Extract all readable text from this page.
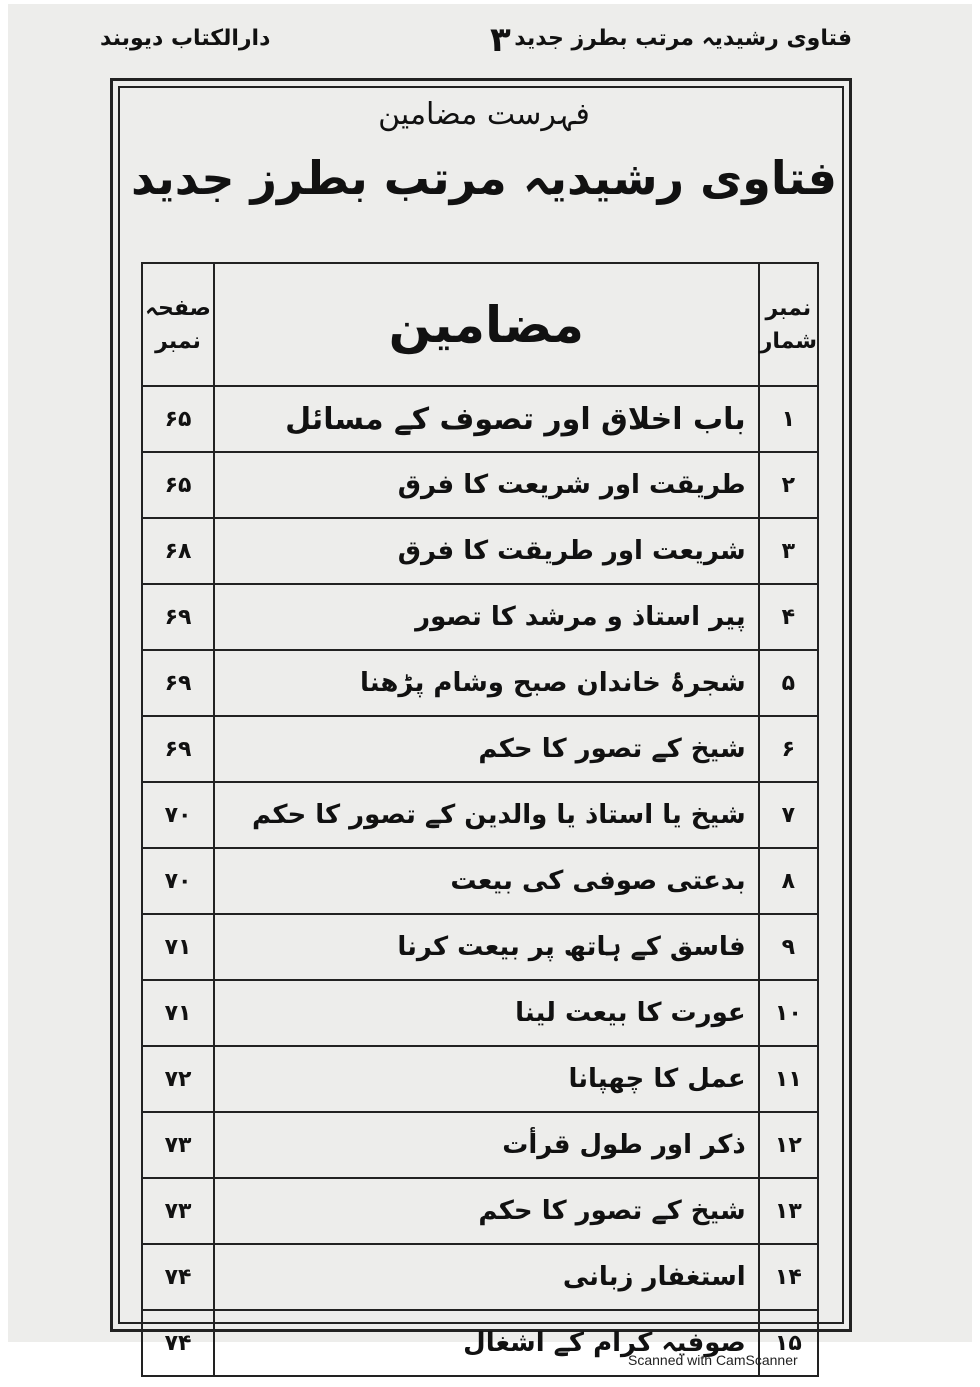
دارالکتاب دیوبند	۳ فتاوی رشیدیہ مرتب بطرز جدید
فہرست مضامین
فتاوی رشیدیہ مرتب بطرز جدید
نمبر شمار	مضامین	صفحہ نمبر
۱	باب اخلاق اور تصوف کے مسائل	۶۵
۲	طریقت اور شریعت کا فرق	۶۵
۳	شریعت اور طریقت کا فرق	۶۸
۴	پیر استاذ و مرشد کا تصور	۶۹
۵	شجرۂ خاندان صبح وشام پڑھنا	۶۹
۶	شیخ کے تصور کا حکم	۶۹
۷	شیخ یا استاذ یا والدین کے تصور کا حکم	۷۰
۸	بدعتی صوفی کی بیعت	۷۰
۹	فاسق کے ہاتھ پر بیعت کرنا	۷۱
۱۰	عورت کا بیعت لینا	۷۱
۱۱	عمل کا چھپانا	۷۲
۱۲	ذکر اور طول قرأت	۷۳
۱۳	شیخ کے تصور کا حکم	۷۳
۱۴	استغفار زبانی	۷۴
۱۵	صوفیہ کرام کے اشغال	۷۴
Scanned with CamScanner
